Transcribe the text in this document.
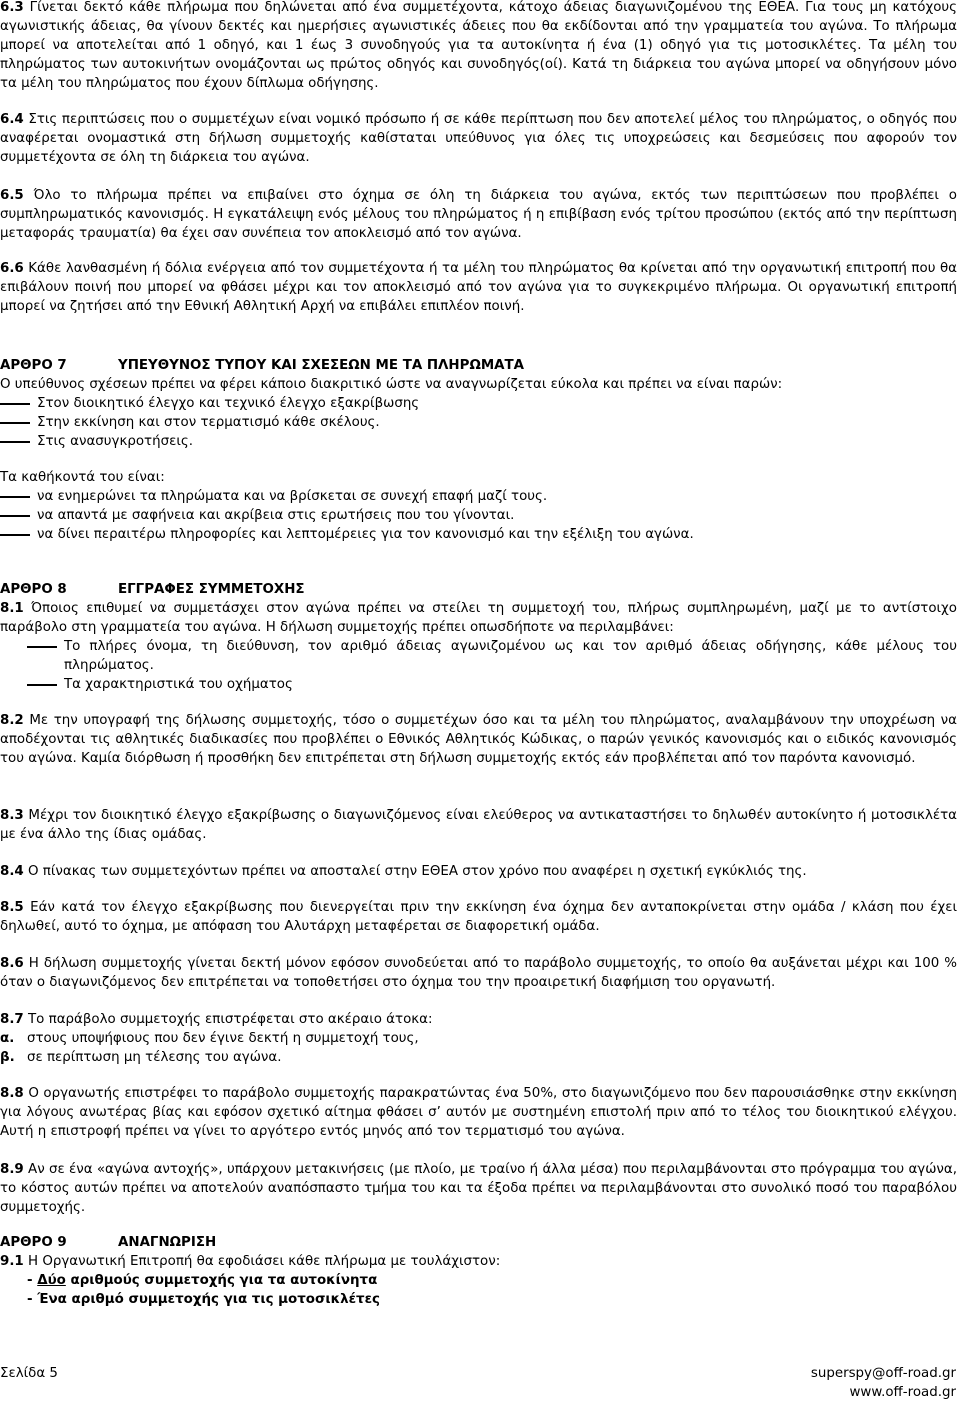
6.3 Γίνεται δεκτό κάθε πλήρωμα που δηλώνεται από ένα συμμετέχοντα, κάτοχο άδειας διαγωνιζομένου της ΕΘΕΑ. Για τους μη κατόχους αγωνιστικής άδειας, θα γίνουν δεκτές και ημερήσιες αγωνιστικές άδειες που θα εκδίδονται από την γραμματεία του αγώνα. Το πλήρωμα μπορεί να αποτελείται από 1 οδηγό, και 1 έως 3 συνοδηγούς για τα αυτοκίνητα ή ένα (1) οδηγό για τις μοτοσικλέτες. Τα μέλη του πληρώματος των αυτοκινήτων ονομάζονται ως πρώτος οδηγός και συνοδηγός(οί). Κατά τη διάρκεια του αγώνα μπορεί να οδηγήσουν μόνο τα μέλη του πληρώματος που έχουν δίπλωμα οδήγησης.
6.4 Στις περιπτώσεις που ο συμμετέχων είναι νομικό πρόσωπο ή σε κάθε περίπτωση που δεν αποτελεί μέλος του πληρώματος, ο οδηγός που αναφέρεται ονομαστικά στη δήλωση συμμετοχής καθίσταται υπεύθυνος για όλες τις υποχρεώσεις και δεσμεύσεις που αφορούν τον συμμετέχοντα σε όλη τη διάρκεια του αγώνα.
6.5 Όλο το πλήρωμα πρέπει να επιβαίνει στο όχημα σε όλη τη διάρκεια του αγώνα, εκτός των περιπτώσεων που προβλέπει ο συμπληρωματικός κανονισμός. Η εγκατάλειψη ενός μέλους του πληρώματος ή η επιβίβαση ενός τρίτου προσώπου (εκτός από την περίπτωση μεταφοράς τραυματία) θα έχει σαν συνέπεια τον αποκλεισμό από τον αγώνα.
6.6 Κάθε λανθασμένη ή δόλια ενέργεια από τον συμμετέχοντα ή τα μέλη του πληρώματος θα κρίνεται από την οργανωτική επιτροπή που θα επιβάλουν ποινή που μπορεί να φθάσει μέχρι και τον αποκλεισμό από τον αγώνα για το συγκεκριμένο πλήρωμα. Οι οργανωτική επιτροπή μπορεί να ζητήσει από την Εθνική Αθλητική Αρχή να επιβάλει επιπλέον ποινή.
ΑΡΘΡΟ 7	ΥΠΕΥΘΥΝΟΣ ΤΥΠΟΥ ΚΑΙ ΣΧΕΣΕΩΝ ΜΕ ΤΑ ΠΛΗΡΩΜΑΤΑ
Ο υπεύθυνος σχέσεων πρέπει να φέρει κάποιο διακριτικό ώστε να αναγνωρίζεται εύκολα και πρέπει να είναι παρών:
Στον διοικητικό έλεγχο και τεχνικό έλεγχο εξακρίβωσης
Στην εκκίνηση και στον τερματισμό κάθε σκέλους.
Στις ανασυγκροτήσεις.
Τα καθήκοντά του είναι:
να ενημερώνει τα πληρώματα και να βρίσκεται σε συνεχή επαφή μαζί τους.
να απαντά με σαφήνεια και ακρίβεια στις ερωτήσεις που του γίνονται.
να δίνει περαιτέρω πληροφορίες και λεπτομέρειες για τον κανονισμό και την εξέλιξη του αγώνα.
ΑΡΘΡΟ 8	ΕΓΓΡΑΦΕΣ ΣΥΜΜΕΤΟΧΗΣ
8.1 Όποιος επιθυμεί να συμμετάσχει στον αγώνα πρέπει να στείλει τη συμμετοχή του, πλήρως συμπληρωμένη, μαζί με το αντίστοιχο παράβολο στη γραμματεία του αγώνα. Η δήλωση συμμετοχής πρέπει οπωσδήποτε να περιλαμβάνει:
Το πλήρες όνομα, τη διεύθυνση, τον αριθμό άδειας αγωνιζομένου ως και τον αριθμό άδειας οδήγησης, κάθε μέλους του πληρώματος.
Τα χαρακτηριστικά του οχήματος
8.2 Με την υπογραφή της δήλωσης συμμετοχής, τόσο ο συμμετέχων όσο και τα μέλη του πληρώματος, αναλαμβάνουν την υποχρέωση να αποδέχονται τις αθλητικές διαδικασίες που προβλέπει ο Εθνικός Αθλητικός Κώδικας, ο παρών γενικός κανονισμός και ο ειδικός κανονισμός του αγώνα. Καμία διόρθωση ή προσθήκη δεν επιτρέπεται στη δήλωση συμμετοχής εκτός εάν προβλέπεται από τον παρόντα κανονισμό.
8.3 Μέχρι τον διοικητικό έλεγχο εξακρίβωσης ο διαγωνιζόμενος είναι ελεύθερος να αντικαταστήσει το δηλωθέν αυτοκίνητο ή μοτοσικλέτα με ένα άλλο της ίδιας ομάδας.
8.4 Ο πίνακας των συμμετεχόντων πρέπει να αποσταλεί στην ΕΘΕΑ στον χρόνο που αναφέρει η σχετική εγκύκλιός της.
8.5 Εάν κατά τον έλεγχο εξακρίβωσης που διενεργείται πριν την εκκίνηση ένα όχημα δεν ανταποκρίνεται στην ομάδα / κλάση που έχει δηλωθεί, αυτό το όχημα, με απόφαση του Αλυτάρχη μεταφέρεται σε διαφορετική ομάδα.
8.6 Η δήλωση συμμετοχής γίνεται δεκτή μόνον εφόσον συνοδεύεται από το παράβολο συμμετοχής, το οποίο θα αυξάνεται μέχρι και 100 % όταν ο διαγωνιζόμενος δεν επιτρέπεται να τοποθετήσει στο όχημα του την προαιρετική διαφήμιση του οργανωτή.
8.7 Το παράβολο συμμετοχής επιστρέφεται στο ακέραιο άτοκα:
α. στους υποψήφιους που δεν έγινε δεκτή η συμμετοχή τους,
β. σε περίπτωση μη τέλεσης του αγώνα.
8.8 Ο οργανωτής επιστρέφει το παράβολο συμμετοχής παρακρατώντας ένα 50%, στο διαγωνιζόμενο που δεν παρουσιάσθηκε στην εκκίνηση για λόγους ανωτέρας βίας και εφόσον σχετικό αίτημα φθάσει σ’ αυτόν με συστημένη επιστολή πριν από το τέλος του διοικητικού ελέγχου. Αυτή η επιστροφή πρέπει να γίνει το αργότερο εντός μηνός από τον τερματισμό του αγώνα.
8.9 Αν σε ένα «αγώνα αντοχής», υπάρχουν μετακινήσεις (με πλοίο, με τραίνο ή άλλα μέσα) που περιλαμβάνονται στο πρόγραμμα του αγώνα, το κόστος αυτών πρέπει να αποτελούν αναπόσπαστο τμήμα του και τα έξοδα πρέπει να περιλαμβάνονται στο συνολικό ποσό του παραβόλου συμμετοχής.
ΑΡΘΡΟ 9	ΑΝΑΓΝΩΡΙΣΗ
9.1 Η Οργανωτική Επιτροπή θα εφοδιάσει κάθε πλήρωμα με τουλάχιστον:
- Δύο αριθμούς συμμετοχής για τα αυτοκίνητα
- Ένα αριθμό συμμετοχής για τις μοτοσικλέτες
Σελίδα 5	superspy@off-road.gr
www.off-road.gr
